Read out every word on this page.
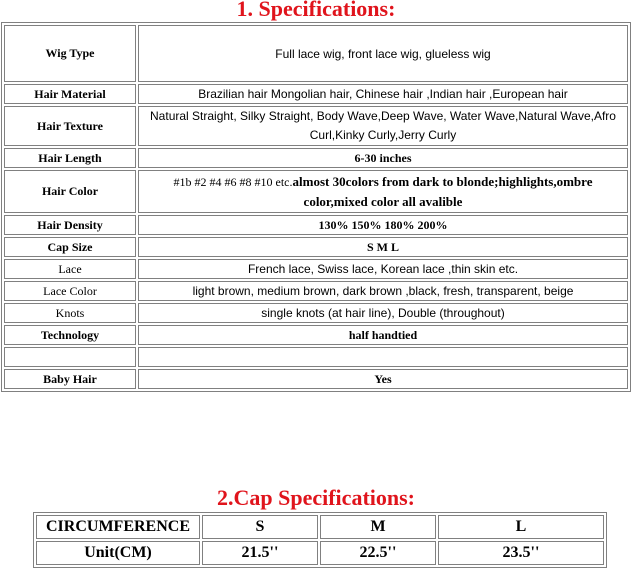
1. Specifications:
Wig Type	Full lace wig, front lace wig, glueless wig
Hair Material	Brazilian hair Mongolian hair, Chinese hair ,Indian hair ,European hair
Hair Texture	Natural Straight, Silky Straight, Body Wave,Deep Wave, Water Wave,Natural Wave,Afro Curl,Kinky Curly,Jerry Curly
Hair Length	6-30 inches
Hair Color	#1b #2 #4 #6 #8 #10 etc.almost 30colors from dark to blonde;highlights,ombre color,mixed color all avalible
Hair Density	130% 150% 180% 200%
Cap Size	S M L
Lace	French lace, Swiss lace, Korean lace ,thin skin etc.
Lace Color	light brown, medium brown, dark brown ,black, fresh, transparent, beige
Knots	single knots (at hair line), Double (throughout)
Technology	half handtied

Baby Hair	Yes
2.Cap Specifications:
CIRCUMFERENCE	S	M	L
Unit(CM)	21.5''	22.5''	23.5''
